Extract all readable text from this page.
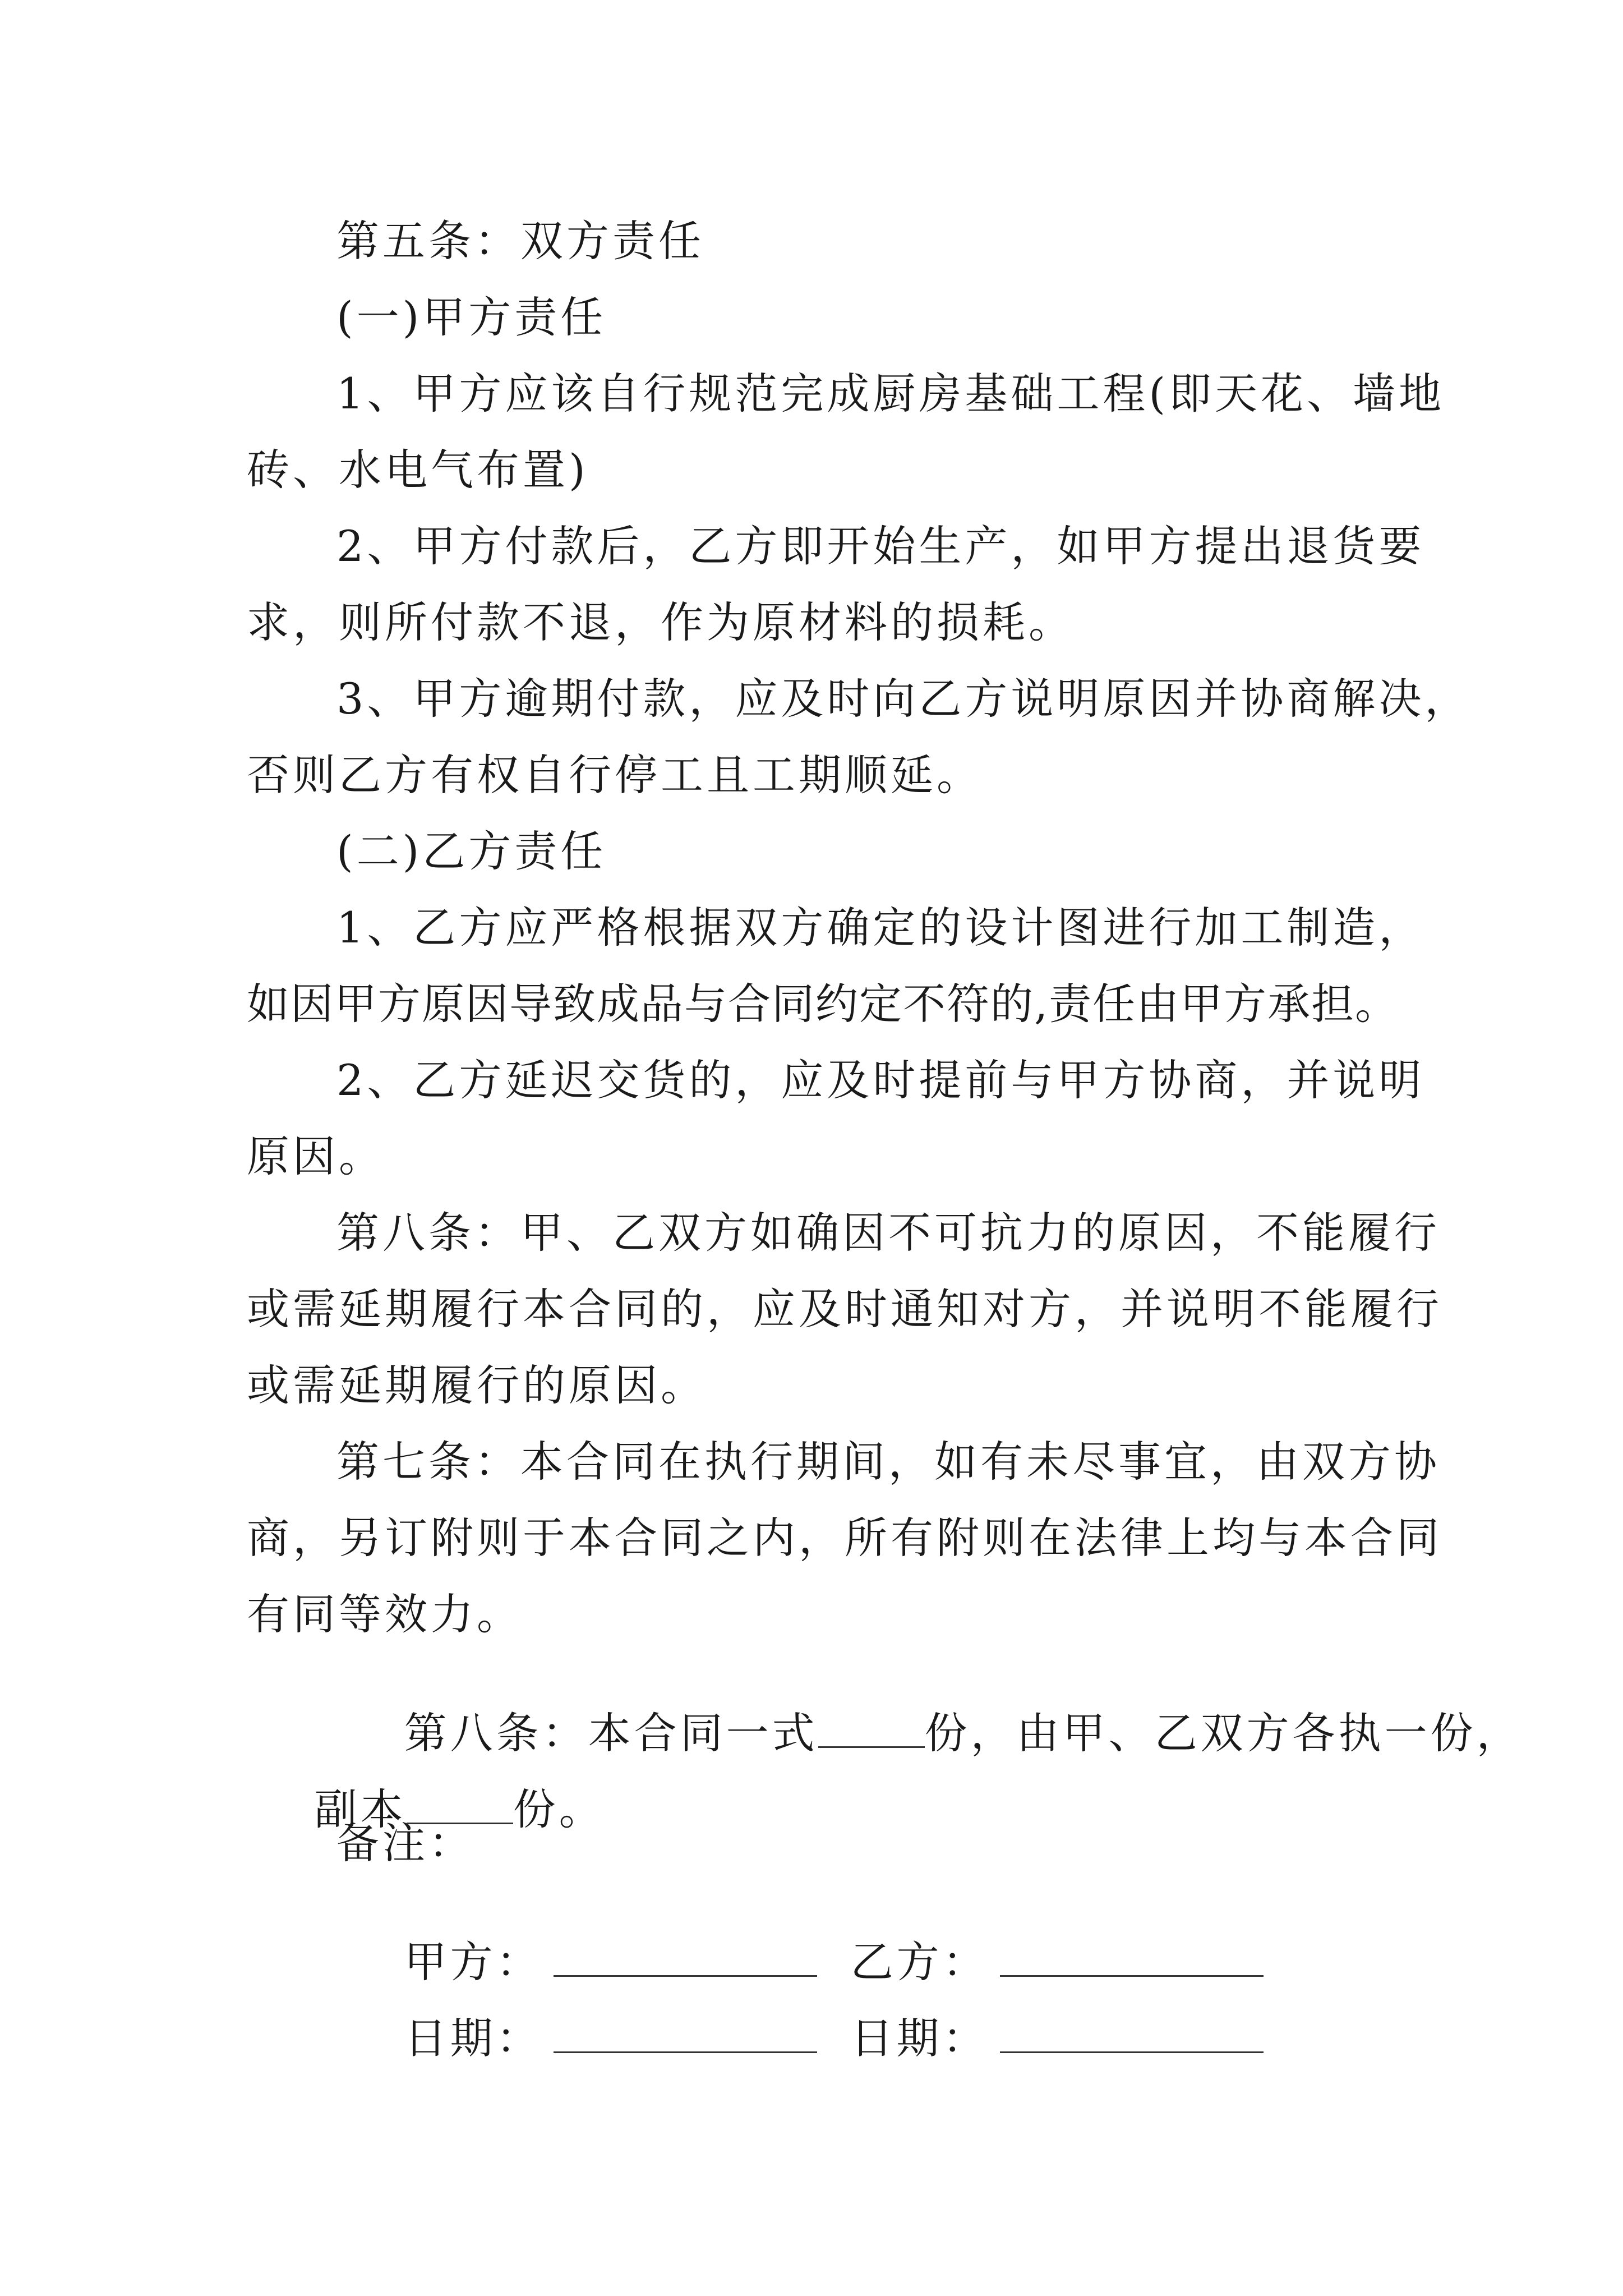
第五条：双方责任
(一)甲方责任
1、甲方应该自行规范完成厨房基础工程(即天花、墙地
砖、水电气布置)
2、甲方付款后，乙方即开始生产，如甲方提出退货要
求，则所付款不退，作为原材料的损耗。
3、甲方逾期付款，应及时向乙方说明原因并协商解决，
否则乙方有权自行停工且工期顺延。
(二)乙方责任
1、乙方应严格根据双方确定的设计图进行加工制造，
如因甲方原因导致成品与合同约定不符的,责任由甲方承担。
2、乙方延迟交货的，应及时提前与甲方协商，并说明
原因。
第八条：甲、乙双方如确因不可抗力的原因，不能履行
或需延期履行本合同的，应及时通知对方，并说明不能履行
或需延期履行的原因。
第七条：本合同在执行期间，如有未尽事宜，由双方协
商，另订附则于本合同之内，所有附则在法律上均与本合同
有同等效力。

第八条：本合同一式	份，由甲、乙双方各执一份，

副本	份。

备注：

甲方：	乙方：

日期：	日期：
